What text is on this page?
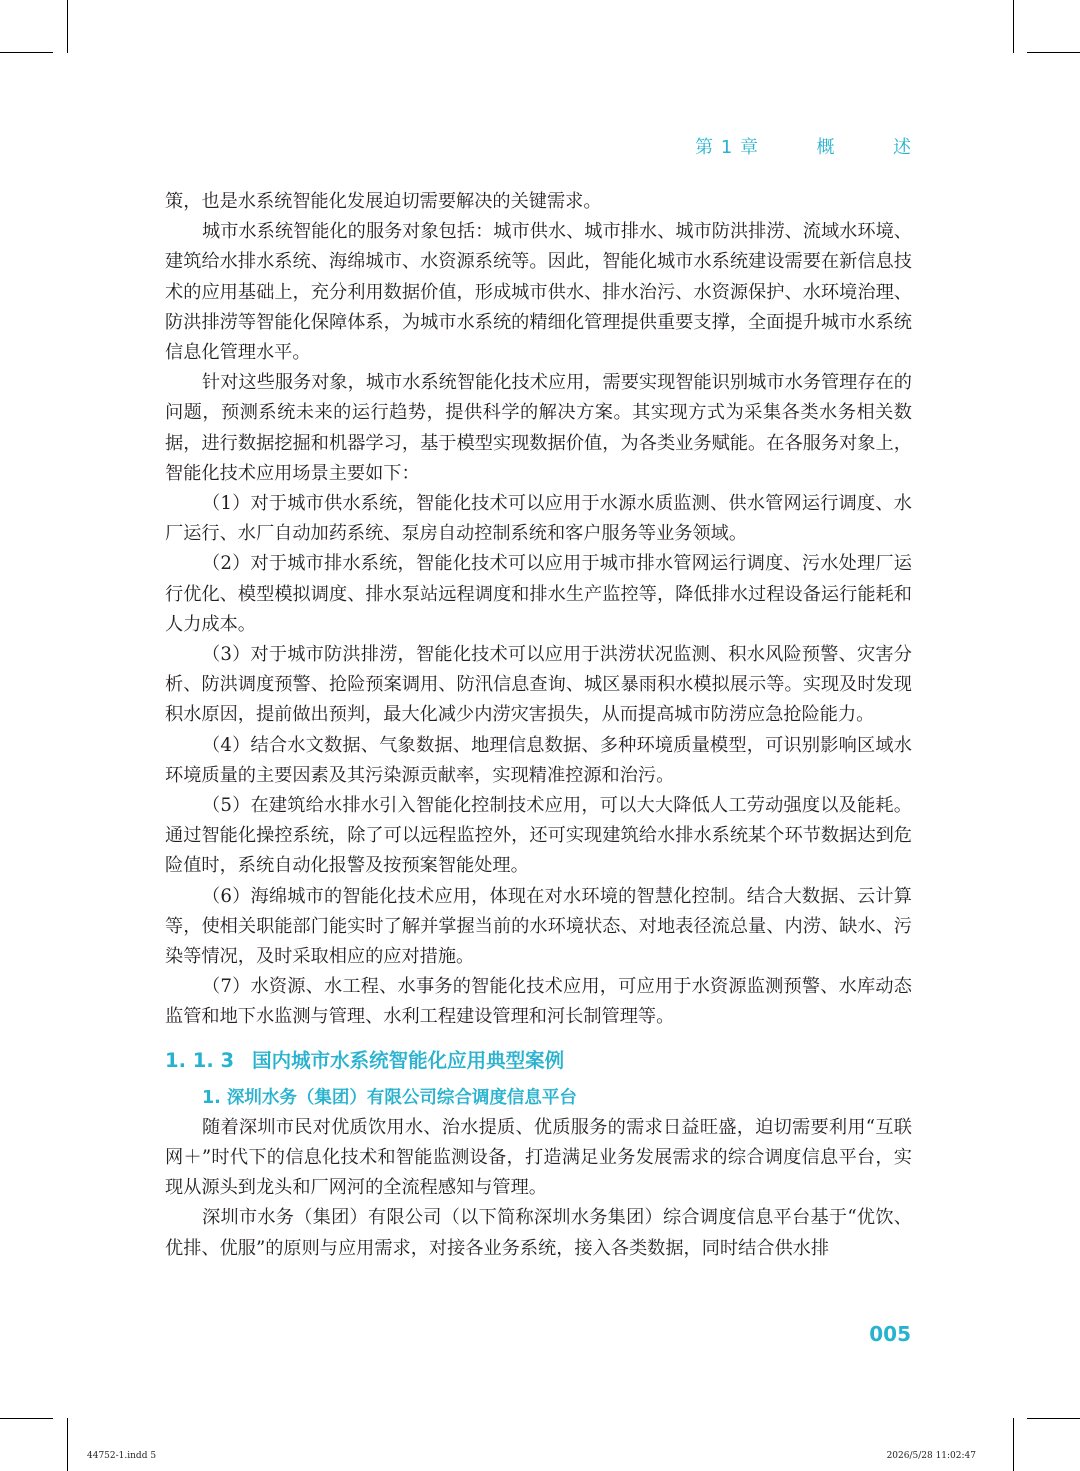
第 1 章	概	述

策，也是水系统智能化发展迫切需要解决的关键需求。

城市水系统智能化的服务对象包括：城市供水、城市排水、城市防洪排涝、流域水环境、建筑给水排水系统、海绵城市、水资源系统等。因此，智能化城市水系统建设需要在新信息技术的应用基础上，充分利用数据价值，形成城市供水、排水治污、水资源保护、水环境治理、防洪排涝等智能化保障体系，为城市水系统的精细化管理提供重要支撑，全面提升城市水系统信息化管理水平。

针对这些服务对象，城市水系统智能化技术应用，需要实现智能识别城市水务管理存在的问题，预测系统未来的运行趋势，提供科学的解决方案。其实现方式为采集各类水务相关数据，进行数据挖掘和机器学习，基于模型实现数据价值，为各类业务赋能。在各服务对象上，智能化技术应用场景主要如下：

（1）对于城市供水系统，智能化技术可以应用于水源水质监测、供水管网运行调度、水厂运行、水厂自动加药系统、泵房自动控制系统和客户服务等业务领域。

（2）对于城市排水系统，智能化技术可以应用于城市排水管网运行调度、污水处理厂运行优化、模型模拟调度、排水泵站远程调度和排水生产监控等，降低排水过程设备运行能耗和人力成本。

（3）对于城市防洪排涝，智能化技术可以应用于洪涝状况监测、积水风险预警、灾害分析、防洪调度预警、抢险预案调用、防汛信息查询、城区暴雨积水模拟展示等。实现及时发现积水原因，提前做出预判，最大化减少内涝灾害损失，从而提高城市防涝应急抢险能力。

（4）结合水文数据、气象数据、地理信息数据、多种环境质量模型，可识别影响区域水环境质量的主要因素及其污染源贡献率，实现精准控源和治污。

（5）在建筑给水排水引入智能化控制技术应用，可以大大降低人工劳动强度以及能耗。通过智能化操控系统，除了可以远程监控外，还可实现建筑给水排水系统某个环节数据达到危险值时，系统自动化报警及按预案智能处理。

（6）海绵城市的智能化技术应用，体现在对水环境的智慧化控制。结合大数据、云计算等，使相关职能部门能实时了解并掌握当前的水环境状态、对地表径流总量、内涝、缺水、污染等情况，及时采取相应的应对措施。

（7）水资源、水工程、水事务的智能化技术应用，可应用于水资源监测预警、水库动态监管和地下水监测与管理、水利工程建设管理和河长制管理等。

1. 1. 3 国内城市水系统智能化应用典型案例
1. 深圳水务（集团）有限公司综合调度信息平台

随着深圳市民对优质饮用水、治水提质、优质服务的需求日益旺盛，迫切需要利用“互联网＋”时代下的信息化技术和智能监测设备，打造满足业务发展需求的综合调度信息平台，实现从源头到龙头和厂网河的全流程感知与管理。

深圳市水务（集团）有限公司（以下简称深圳水务集团）综合调度信息平台基于“优饮、优排、优服”的原则与应用需求，对接各业务系统，接入各类数据，同时结合供水排

005
44752-1.indd 5	2026/5/28 11:02:47
